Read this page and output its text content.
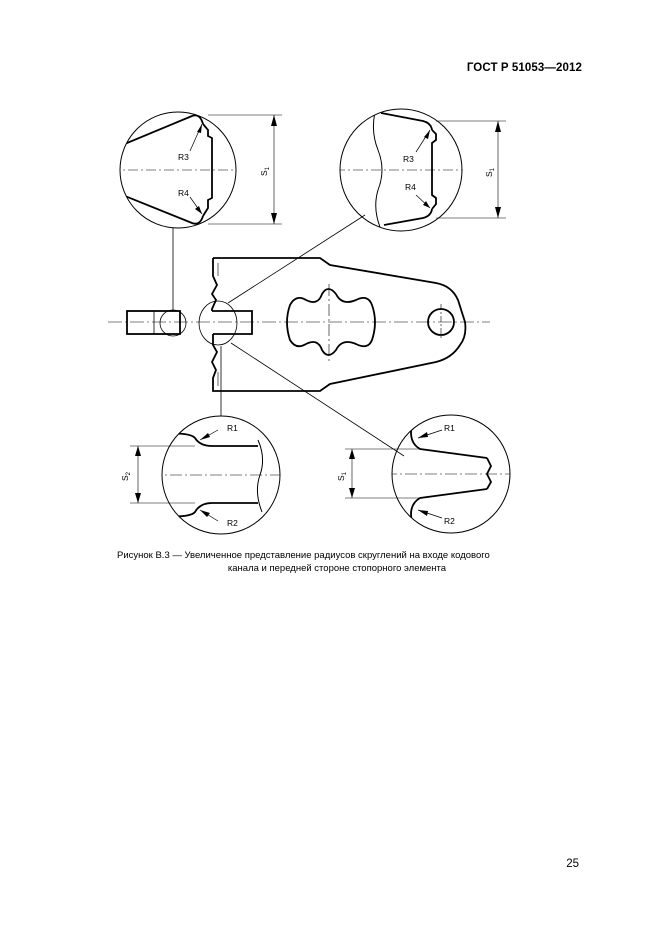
ГОСТ Р 51053—2012
R3
R4
$S_1$
R3
R4
$S_1$
R1
R2
$S_2$
R1
R2
$S_1$
Рисунок В.3 — Увеличенное представление радиусов скруглений на входе кодового
канала и передней стороне стопорного элемента
25
